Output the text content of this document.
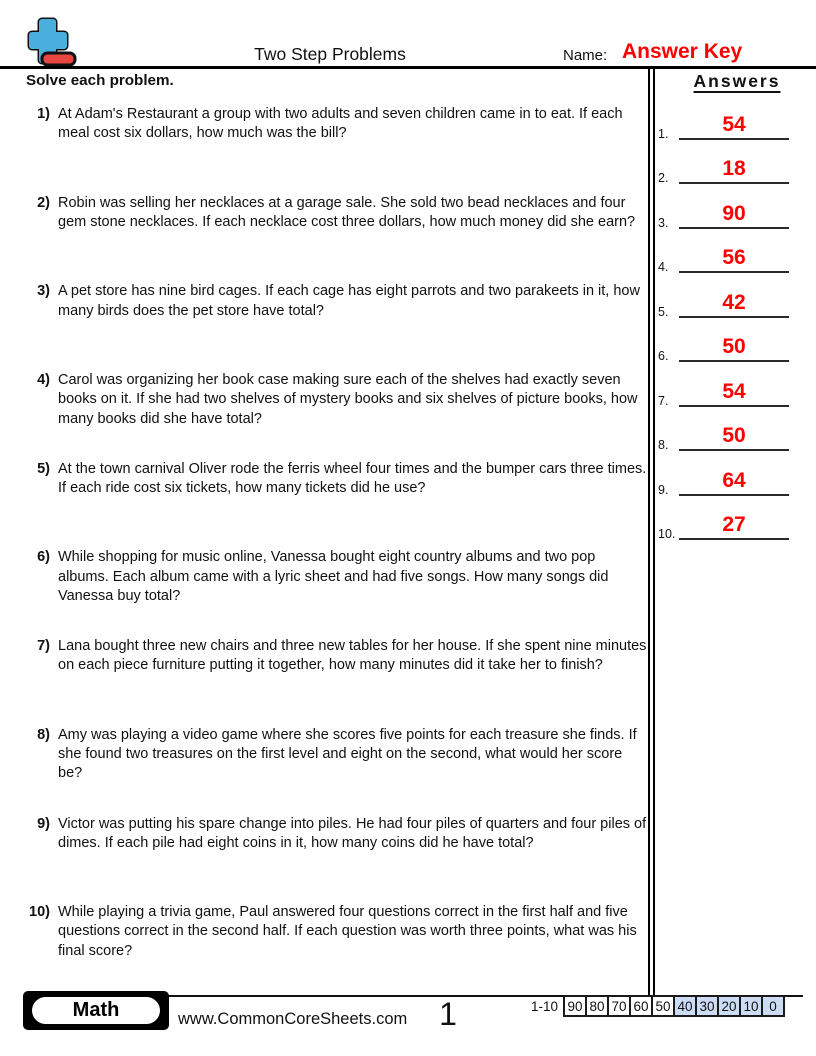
Two Step Problems	Name: Answer Key
Solve each problem.
1) At Adam's Restaurant a group with two adults and seven children came in to eat. If each meal cost six dollars, how much was the bill?
2) Robin was selling her necklaces at a garage sale. She sold two bead necklaces and four gem stone necklaces. If each necklace cost three dollars, how much money did she earn?
3) A pet store has nine bird cages. If each cage has eight parrots and two parakeets in it, how many birds does the pet store have total?
4) Carol was organizing her book case making sure each of the shelves had exactly seven books on it. If she had two shelves of mystery books and six shelves of picture books, how many books did she have total?
5) At the town carnival Oliver rode the ferris wheel four times and the bumper cars three times. If each ride cost six tickets, how many tickets did he use?
6) While shopping for music online, Vanessa bought eight country albums and two pop albums. Each album came with a lyric sheet and had five songs. How many songs did Vanessa buy total?
7) Lana bought three new chairs and three new tables for her house. If she spent nine minutes on each piece furniture putting it together, how many minutes did it take her to finish?
8) Amy was playing a video game where she scores five points for each treasure she finds. If she found two treasures on the first level and eight on the second, what would her score be?
9) Victor was putting his spare change into piles. He had four piles of quarters and four piles of dimes. If each pile had eight coins in it, how many coins did he have total?
10) While playing a trivia game, Paul answered four questions correct in the first half and five questions correct in the second half. If each question was worth three points, what was his final score?
Answers
1.	54
2.	18
3.	90
4.	56
5.	42
6.	50
7.	54
8.	50
9.	64
10. 27
Math	www.CommonCoreSheets.com 1	1-10 90 80 70 60 50 40 30 20 10 0
